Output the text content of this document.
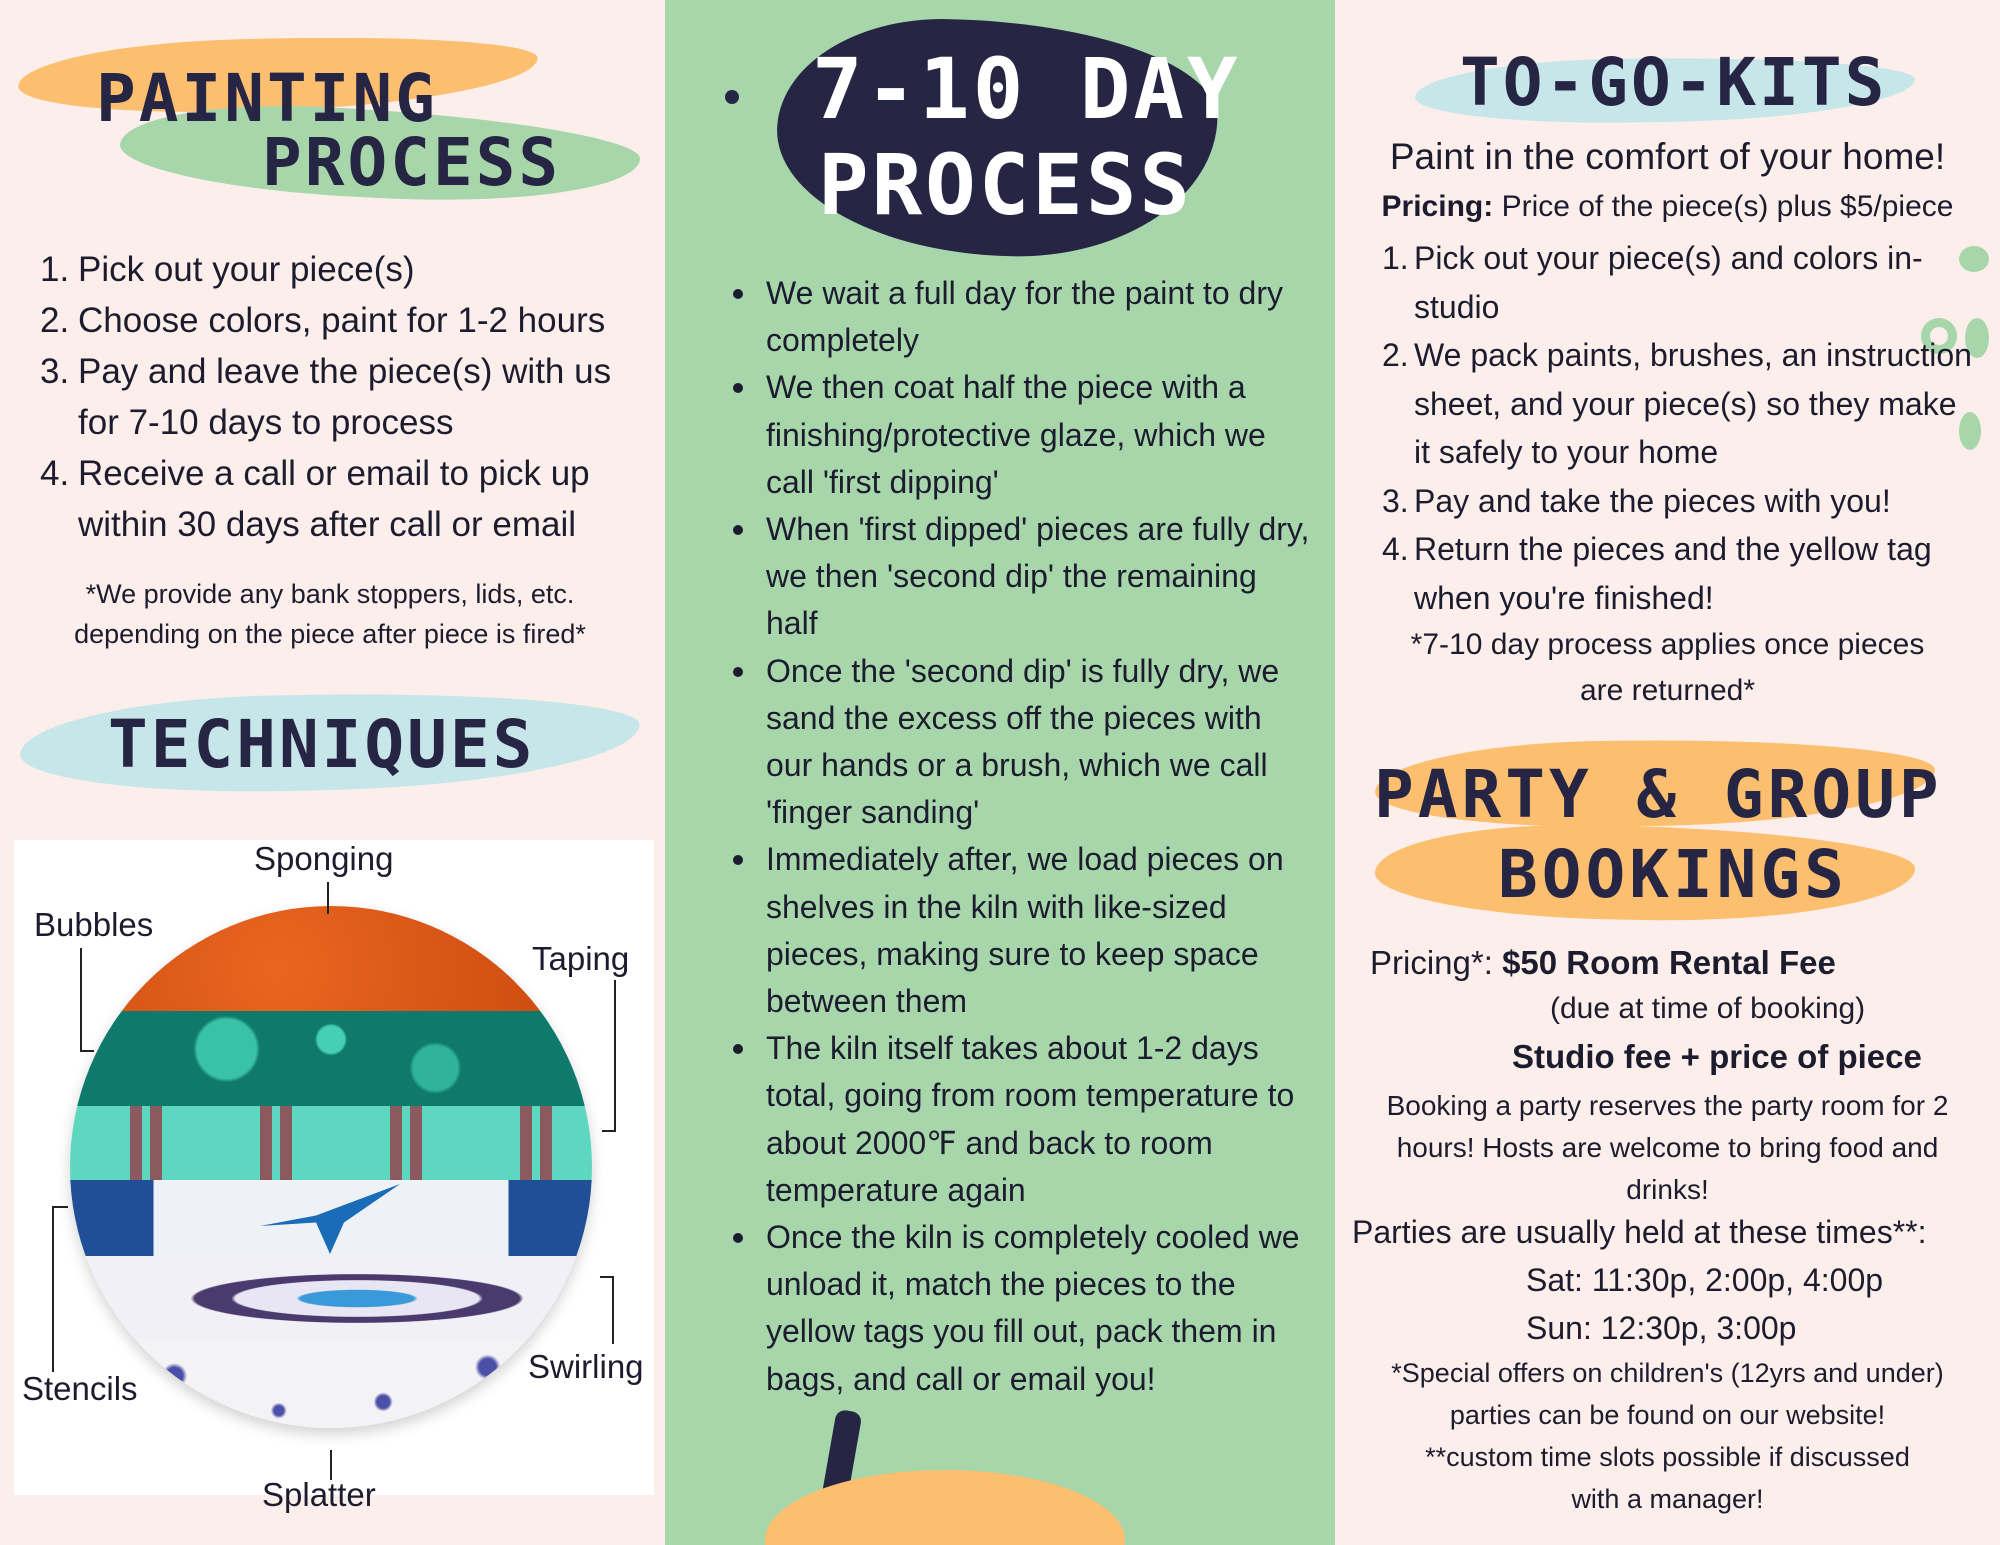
PAINTING
PROCESS
1. Pick out your piece(s)
2. Choose colors, paint for 1-2 hours
3. Pay and leave the piece(s) with us for 7-10 days to process
4. Receive a call or email to pick up within 30 days after call or email
*We provide any bank stoppers, lids, etc. depending on the piece after piece is fired*
TECHNIQUES
Sponging
Bubbles
Taping
Stencils
Swirling
Splatter
7-10 DAY
PROCESS
We wait a full day for the paint to dry completely
We then coat half the piece with a finishing/protective glaze, which we call 'first dipping'
When 'first dipped' pieces are fully dry, we then 'second dip' the remaining half
Once the 'second dip' is fully dry, we sand the excess off the pieces with our hands or a brush, which we call 'finger sanding'
Immediately after, we load pieces on shelves in the kiln with like-sized pieces, making sure to keep space between them
The kiln itself takes about 1-2 days total, going from room temperature to about 2000℉ and back to room temperature again
Once the kiln is completely cooled we unload it, match the pieces to the yellow tags you fill out, pack them in bags, and call or email you!
TO-GO-KITS
Paint in the comfort of your home!
Pricing: Price of the piece(s) plus $5/piece
1. Pick out your piece(s) and colors in-studio
2. We pack paints, brushes, an instruction sheet, and your piece(s) so they make it safely to your home
3. Pay and take the pieces with you!
4. Return the pieces and the yellow tag when you're finished!
*7-10 day process applies once pieces
are returned*
PARTY & GROUP
BOOKINGS
Pricing*: $50 Room Rental Fee
(due at time of booking)
Studio fee + price of piece
Booking a party reserves the party room for 2
hours! Hosts are welcome to bring food and
drinks!
Parties are usually held at these times**:
Sat: 11:30p, 2:00p, 4:00p
Sun: 12:30p, 3:00p
*Special offers on children's (12yrs and under)
parties can be found on our website!
**custom time slots possible if discussed
with a manager!
